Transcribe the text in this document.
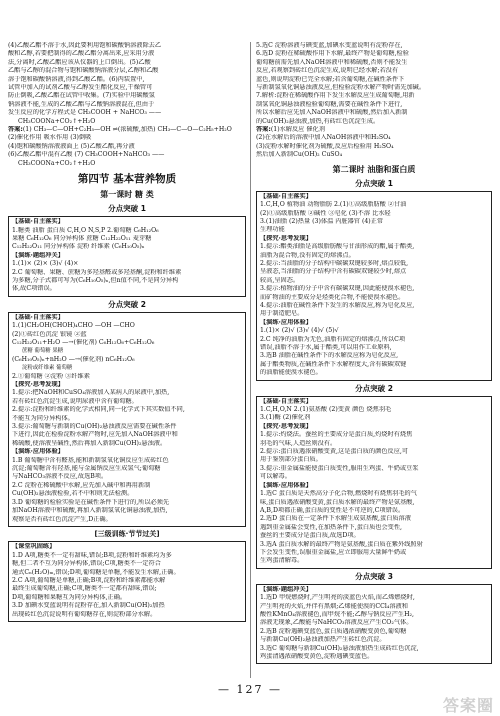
(4)乙酸乙酯不溶于水,因此要利用饱和碳酸钠溶液除去乙

酸和乙醇,若要把制得的乙酸乙酯分离出来,应采用分液

法,分离时,乙酸乙酯应该从仪器的上口倒出。(5)乙酸

乙酯与乙醇的混合物与饱和碳酸钠溶液分层,乙醇和乙酸

溶于饱和碳酸钠溶液,得到乙酸乙酯。(6)丙装置中,

试管中加入的试剂乙酸与乙醇发生酯化反应,干燥管可

防止倒吸,乙酸乙酯在试管中收集。(7)实验中用碳酸氢

钠溶液不能,生成的乙酸乙酯与乙酸钠溶液混在,但由于

发生反应的化学方程式是 CH₃COOH + NaHCO₃ ——

CH₃COONa+CO₂↑+H₂O

答案:(1) CH₃—C—OH+C₂H₅—OH ⇌(浓硫酸,加热) CH₃—C—O—C₂H₅+H₂O

(2)催化作用 吸水作用 (3)倒吸

(4)饱和碳酸钠溶液液面上 (5)乙酸乙酯,再分液

(6)乙酸乙酯中混有乙酸 (7) CH₃COOH+NaHCO₃ ——

CH₃COONa+CO₂↑+H₂O

第四节 基本营养物质
第一课时 糖 类
分点突破 1

【基础·自主落实】

1.糖类 油脂 蛋白质 C,H,O N,S,P 2.葡萄糖 C₆H₁₂O₆

果糖 C₆H₁₂O₆ 同分异构体 蔗糖 C₁₂H₂₂O₁₁ 麦芽糖

C₁₂H₂₂O₁₁ 同分异构体 淀粉 纤维素 (C₆H₁₀O₅)ₙ

【演练·题组冲关】

1.(1)× (2)× (3)√ (4)×

2.C 葡萄糖、果糖、蔗糖为多羟基醛或多羟基酮,淀粉和纤维素

为多糖,分子式都可写为(C₆H₁₀O₅)ₙ,但n值不同,不是同分异构

体,故C项错误。

分点突破 2

【基础·自主落实】

1.(1)CH₂OH(CHOH)₄CHO —OH —CHO

(2)①砖红色沉淀 银镜 ②蓝

C₁₂H₂₂O₁₁+H₂O —→(催化剂) C₆H₁₂O₆+C₆H₁₂O₆

蔗糖 葡萄糖 果糖

(C₆H₁₀O₅)ₙ+nH₂O —→(催化剂) nC₆H₁₂O₆

淀粉或纤维素 葡萄糖

2.①葡萄糖 ②淀粉 ③纤维素

【探究·思考发现】

1.提示:把NaOH和CuSO₄溶液加入某病人的尿液中,加热,

若有砖红色沉淀生成,说明尿液中含有葡萄糖。

2.提示:淀粉和纤维素的化学式相同,同一化学式下其实数值不同,

不能互为同分异构体。

3.提示:葡萄糖与新制的Cu(OH)₂悬浊液反应需要在碱性条件

下进行,因此在检验淀粉水解产物时,应先加入NaOH溶液中和

稀硫酸,使溶液呈碱性,然后再加入新制Cu(OH)₂悬浊液。

【演练·应用体验】

1.B 葡萄糖中含有醛基,能和新制氢氧化铜反应生成砖红色

沉淀;葡萄糖含有羟基,能与金属钠反应生成氢气;葡萄糖

与NaHCO₃溶液不反应,故选B项。

2.C 淀粉在稀硫酸中水解,应先加入碱中和再用新制

Cu(OH)₂悬浊液检验,若不中和则无法检测。

3.D 葡萄糖的检验实验是在碱性条件下进行的,所以必须先

加NaOH溶液中和硫酸,再加入新制氢氧化铜悬浊液,加热,

观察是否有砖红色沉淀产生,D正确。

[三级训练·节节过关]

【课堂巩固练】

1.D A项,糖类不一定有甜味,错误;B项,淀粉和纤维素均为多

糖,但二者不互为同分异构体,错误;C项,糖类不一定符合

通式Cₙ(H₂O)ₘ,错误;D项,葡萄糖是单糖,不能发生水解,正确。

2.C A项,葡萄糖是单糖,正确;B项,淀粉和纤维素都能水解

最终生成葡萄糖,正确;C项,糖类不一定都有甜味,错误;

D项,葡萄糖和果糖互为同分异构体,正确。

3.D 加碘水变蓝说明有淀粉存在,加入新制Cu(OH)₂加热

出现砖红色沉淀说明有葡萄糖存在,则淀粉部分水解。

5.选C 淀粉溶液与碘变蓝,加碘水变蓝说明有淀粉存在,

6.选D 淀粉在稀硫酸作用下水解,最终产物是葡萄糖,检验

葡萄糖前需先加入NaOH溶液中和稀硫酸,否则不能发生

反应,若观察到砖红色沉淀生成,说明已经水解;若没有

蓝色,则说明淀粉已完全水解;若含葡萄糖,在碱性条件下

与新制氢氧化铜悬浊液反应,但检验淀粉水解产物时需先加碱。

7.解析:淀粉在稀硫酸作用下发生水解反应生成葡萄糖,用新

制氢氧化铜悬浊液检验葡萄糖,需要在碱性条件下进行,

所以水解后应先加入NaOH溶液中和硫酸,然后加入新制

的Cu(OH)₂悬浊液,加热,有砖红色沉淀生成。

答案:(1)水解反应 催化剂

(2)在水解后的溶液中加入NaOH溶液中和H₂SO₄

(3)淀粉水解时催化剂为硫酸,反应后检验用 H₂SO₄

然后加入新制Cu(OH)₂ CuSO₄

第二课时 油脂和蛋白质
分点突破 1

【基础·自主落实】

1.C,H,O 植物油 动物脂肪 2.(1)①高级脂肪酸 ②甘油

(2)①高级脂肪酸 ②碱性 ③皂化 (3)不溶 比水轻

3.(1)油脂 (2)热量 (3)体温 内脏器官 (4)正常

生理功能

【探究·思考发现】

1.提示:酯类油脂是高级脂肪酸与甘油形成的酯,属于酯类,

油脂为混合物,没有固定的熔沸点。

2.提示:当油脂的分子结构中碳碳双键较多时,熔点较低,

呈液态,当油脂的分子结构中含有碳碳双键较少时,熔点

较高,呈固态。

3.提示:植物油的分子中含有碳碳双键,因此能使溴水褪色,

而矿物油的主要成分是烃类化合物,不能使溴水褪色。

4.提示:油脂在碱性条件下发生的水解反应,称为皂化反应,

用于制造肥皂。

【演练·应用体验】

1.(1)× (2)√ (3)√ (4)√ (5)√

2.C 纯净的油脂为无色,油脂有固定的熔沸点,所以C项

错误,油脂不溶于水,属于酯类,可以用作工业原料,

3.选B 油脂在碱性条件下的水解反应称为皂化反应,

属于酯类物质,在碱性条件下水解程度大,含有碳碳双键

的油脂能使溴水褪色。

分点突破 2

【基础·自主落实】

1.C,H,O,N 2.(1)氨基酸 (2)变黄 颜色 烧焦羽毛

3.(1)酶 (2)催化剂

【探究·思考发现】

1.提示:灼烧法。蚕丝的主要成分是蛋白质,灼烧时有烧焦

羽毛的气味,人造丝则没有。

2.提示:蛋白质遇浓硝酸变黄,这是蛋白质的颜色反应,可

用于鉴别部分蛋白质。

3.提示:重金属盐能使蛋白质变性,服用生鸡蛋、牛奶或豆浆

可以解毒。

【演练·应用体验】

1.选C 蛋白质是天然高分子化合物,燃烧时有烧焦羽毛的气

味,蛋白质遇浓硝酸变黄,蛋白质水解的最终产物是氨基酸,

A,B,D项都正确,蛋白质的变性是不可逆的,C项错误。

2.选D 蛋白质在一定条件下水解生成氨基酸,蛋白质溶液

遇到重金属盐会变性,在加热条件下,蛋白质也会变性,

蚕丝的主要成分是蛋白质,故选D项。

3.选A 蛋白质水解的最终产物是氨基酸,蛋白质在紫外线照射

下会发生变性,误服重金属盐,应立即服用大量鲜牛奶或

生鸡蛋清解毒。

分点突破 3

【演练·题组冲关】

1.选D 甲烷燃烧时,产生明亮的淡蓝色火焰,而乙烯燃烧时,

产生明亮的火焰,并伴有黑烟;乙烯能使溴的CCl₄溶液和

酸性KMnO₄溶液褪色,而甲烷不能;乙醇与钠反应产生H₂,

溶液无现象,乙酸能与NaHCO₃溶液反应产生CO₂气体。

2.选B 淀粉遇碘变蓝色,蛋白质遇浓硝酸变黄色,葡萄糖

与新制Cu(OH)₂悬浊液加热产生砖红色沉淀。

3.选C 葡萄糖与新制Cu(OH)₂悬浊液加热生成砖红色沉淀,

鸡蛋清遇浓硝酸变黄色,淀粉遇碘变蓝色。

— 127 —
答案圈
